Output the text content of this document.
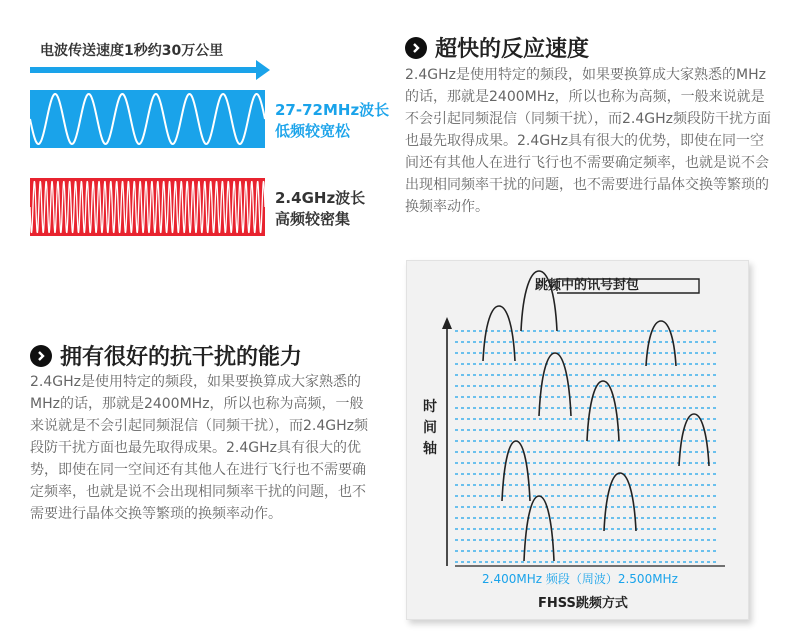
电波传送速度1秒约30万公里
27-72MHz波长
低频较宽松
2.4GHz波长
高频较密集
超快的反应速度
2.4GHz是使用特定的频段，如果要换算成大家熟悉的MHz的话，那就是2400MHz，所以也称为高频，一般来说就是不会引起同频混信（同频干扰），而2.4GHz频段防干扰方面也最先取得成果。2.4GHz具有很大的优势，即使在同一空间还有其他人在进行飞行也不需要确定频率，也就是说不会出现相同频率干扰的问题，也不需要进行晶体交换等繁琐的换频率动作。
拥有很好的抗干扰的能力
2.4GHz是使用特定的频段，如果要换算成大家熟悉的MHz的话，那就是2400MHz，所以也称为高频，一般来说就是不会引起同频混信（同频干扰），而2.4GHz频段防干扰方面也最先取得成果。2.4GHz具有很大的优势，即使在同一空间还有其他人在进行飞行也不需要确定频率，也就是说不会出现相同频率干扰的问题，也不需要进行晶体交换等繁琐的换频率动作。
跳频中的讯号封包
时间轴
2.400MHz 频段（周波）2.500MHz
FHSS跳频方式
